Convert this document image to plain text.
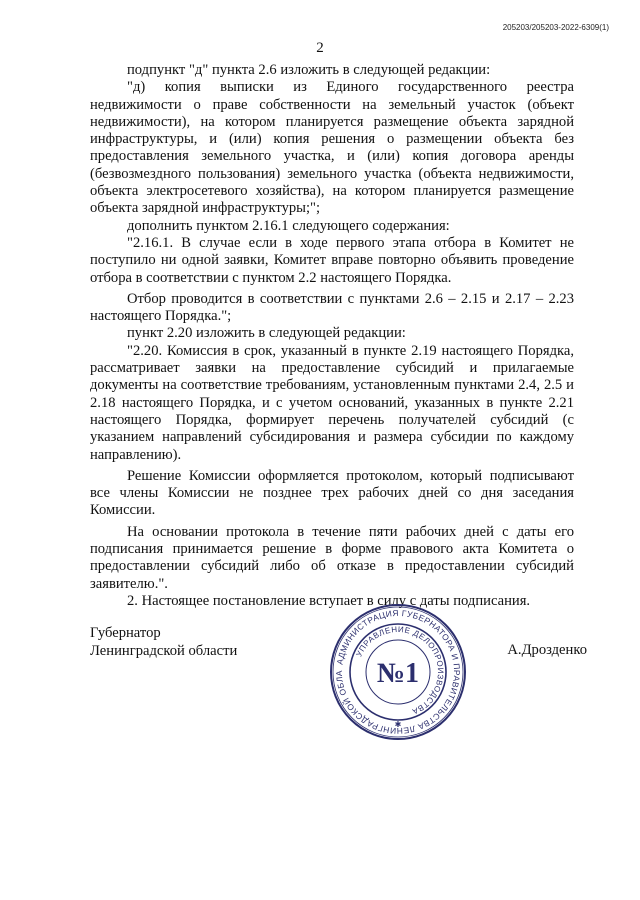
205203/205203-2022-6309(1)
2

подпункт "д" пункта 2.6 изложить в следующей редакции:

"д) копия выписки из Единого государственного реестра недвижимости о праве собственности на земельный участок (объект недвижимости), на котором планируется размещение объекта зарядной инфраструктуры, и (или) копия решения о размещении объекта без предоставления земельного участка, и (или) копия договора аренды (безвозмездного пользования) земельного участка (объекта недвижимости, объекта электросетевого хозяйства), на котором планируется размещение объекта зарядной инфраструктуры;";

дополнить пунктом 2.16.1 следующего содержания:

"2.16.1. В случае если в ходе первого этапа отбора в Комитет не поступило ни одной заявки, Комитет вправе повторно объявить проведение отбора в соответствии с пунктом 2.2 настоящего Порядка.

Отбор проводится в соответствии с пунктами 2.6 – 2.15 и 2.17 – 2.23 настоящего Порядка.";

пункт 2.20 изложить в следующей редакции:

"2.20. Комиссия в срок, указанный в пункте 2.19 настоящего Порядка, рассматривает заявки на предоставление субсидий и прилагаемые документы на соответствие требованиям, установленным пунктами 2.4, 2.5 и 2.18 настоящего Порядка, и с учетом оснований, указанных в пункте 2.21 настоящего Порядка, формирует перечень получателей субсидий (с указанием направлений субсидирования и размера субсидии по каждому направлению).

Решение Комиссии оформляется протоколом, который подписывают все члены Комиссии не позднее трех рабочих дней со дня заседания Комиссии.

На основании протокола в течение пяти рабочих дней с даты его подписания принимается решение в форме правового акта Комитета о предоставлении субсидий либо об отказе в предоставлении субсидий заявителю.".

2. Настоящее постановление вступает в силу с даты подписания.

Губернатор
Ленинградской области
АДМИНИСТРАЦИЯ ГУБЕРНАТОРА И ПРАВИТЕЛЬСТВА ЛЕНИНГРАДСКОЙ ОБЛА
УПРАВЛЕНИЕ ДЕЛОПРОИЗВОДСТВА
№1
✱
А.Дрозденко
